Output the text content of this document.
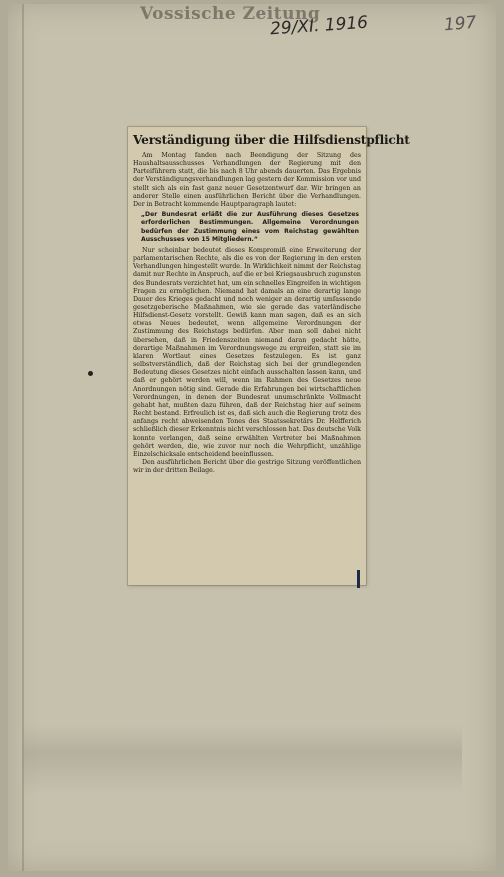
Vossische Zeitung
29/XI. 1916	197
Verständigung über die Hilfsdienstpflicht

Am Montag fanden nach Beendigung der Sitzung des Haushaltsausschusses Verhandlungen der Regierung mit den Parteiführern statt, die bis nach 8 Uhr abends dauerten. Das Ergebnis der Verständigungsverhandlungen lag gestern der Kommission vor und stellt sich als ein fast ganz neuer Gesetzentwurf dar. Wir bringen an anderer Stelle einen ausführlichen Bericht über die Verhandlungen. Der in Betracht kommende Hauptparagraph lautet:

„Der Bundesrat erläßt die zur Ausführung dieses Gesetzes erforderlichen Bestimmungen. Allgemeine Verordnungen bedürfen der Zustimmung eines vom Reichstag gewählten Ausschusses von 15 Mitgliedern.“

Nur scheinbar bedeutet dieses Kompromiß eine Erweiterung der parlamentarischen Rechte, als die es von der Regierung in den ersten Verhandlungen hingestellt wurde. In Wirklichkeit nimmt der Reichstag damit nur Rechte in Anspruch, auf die er bei Kriegsausbruch zugunsten des Bundesrats verzichtet hat, um ein schnelles Eingreifen in wichtigen Fragen zu ermöglichen. Niemand hat damals an eine derartig lange Dauer des Krieges gedacht und noch weniger an derartig umfassende gesetzgeberische Maßnahmen, wie sie gerade das vaterländische Hilfsdienst-Gesetz vorstellt. Gewiß kann man sagen, daß es an sich etwas Neues bedeutet, wenn allgemeine Verordnungen der Zustimmung des Reichstags bedürfen. Aber man soll dabei nicht übersehen, daß in Friedenszeiten niemand daran gedacht hätte, derartige Maßnahmen im Verordnungswege zu ergreifen, statt sie im klaren Wortlaut eines Gesetzes festzulegen. Es ist ganz selbstverständlich, daß der Reichstag sich bei der grundlegenden Bedeutung dieses Gesetzes nicht einfach ausschalten lassen kann, und daß er gehört werden will, wenn im Rahmen des Gesetzes neue Anordnungen nötig sind. Gerade die Erfahrungen bei wirtschaftlichen Verordnungen, in denen der Bundesrat unumschränkte Vollmacht gehabt hat, mußten dazu führen, daß der Reichstag hier auf seinem Recht bestand. Erfreulich ist es, daß sich auch die Regierung trotz des anfangs recht abweisenden Tones des Staatssekretärs Dr. Helfferich schließlich dieser Erkenntnis nicht verschlossen hat. Das deutsche Volk konnte verlangen, daß seine erwählten Vertreter bei Maßnahmen gehört werden, die, wie zuvor nur noch die Wehrpflicht, unzählige Einzelschicksale entscheidend beeinflussen.

Den ausführlichen Bericht über die gestrige Sitzung veröffentlichen wir in der dritten Beilage.
